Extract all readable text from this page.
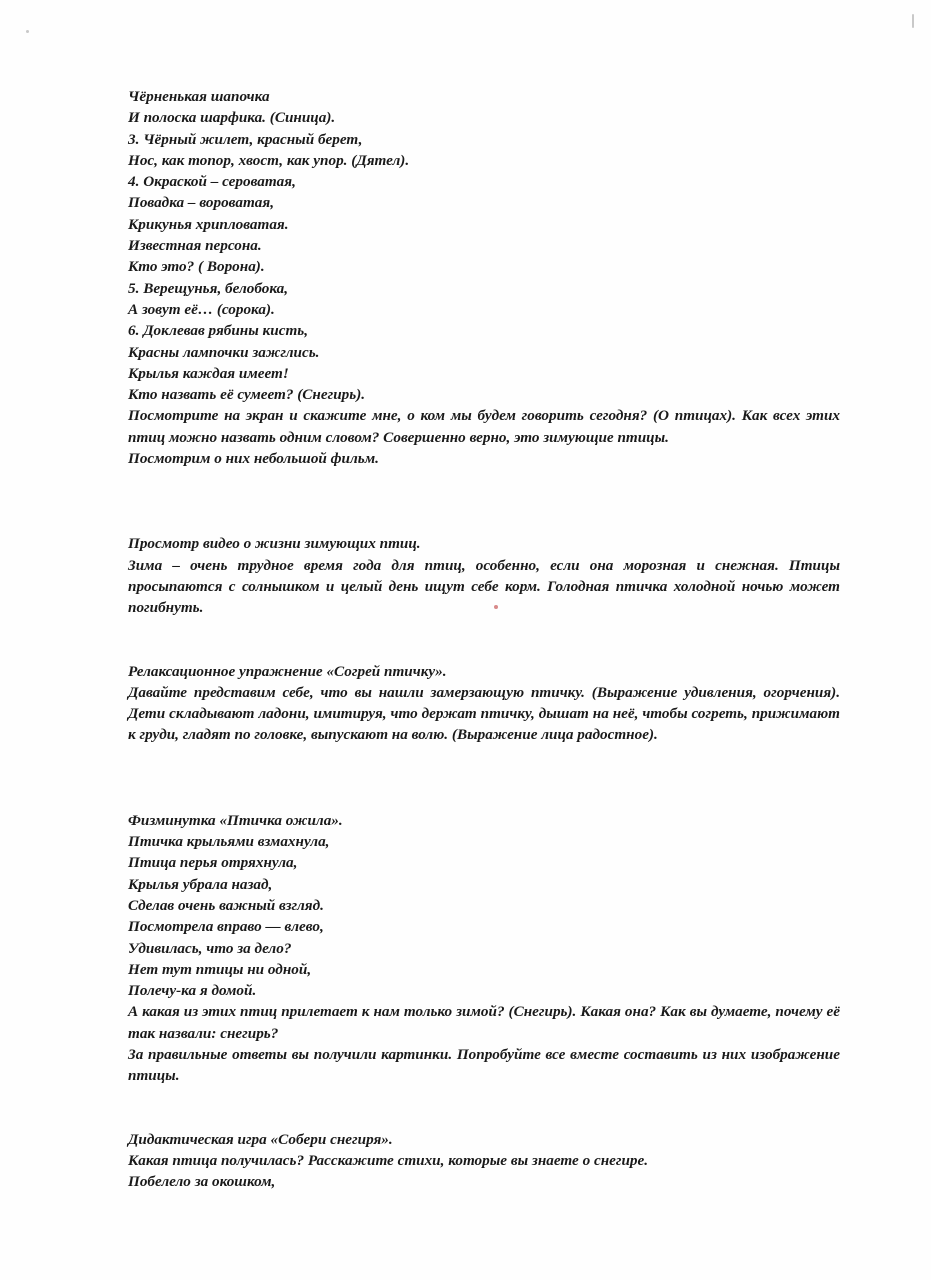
Чёрненькая шапочка
И полоска шарфика. (Синица).
3. Чёрный жилет, красный берет,
Нос, как топор, хвост, как упор. (Дятел).
4. Окраской – сероватая,
Повадка – вороватая,
Крикунья хрипловатая.
Известная персона.
Кто это? ( Ворона).
5. Верещунья, белобока,
А зовут её… (сорока).
6. Доклевав рябины кисть,
Красны лампочки зажглись.
Крылья каждая имеет!
Кто назвать её сумеет? (Снегирь).

Посмотрите на экран и скажите мне, о ком мы будем говорить сегодня? (О птицах). Как всех этих птиц можно назвать одним словом? Совершенно верно, это зимующие птицы.

Посмотрим о них небольшой фильм.
Просмотр видео о жизни зимующих птиц.

Зима – очень трудное время года для птиц, особенно, если она морозная и снежная. Птицы просыпаются с солнышком и целый день ищут себе корм. Голодная птичка холодной ночью может погибнуть.

Релаксационное упражнение «Согрей птичку».

Давайте представим себе, что вы нашли замерзающую птичку. (Выражение удивления, огорчения). Дети складывают ладони, имитируя, что держат птичку, дышат на неё, чтобы согреть, прижимают к груди, гладят по головке, выпускают на волю. (Выражение лица радостное).

Физминутка «Птичка ожила».
Птичка крыльями взмахнула,
Птица перья отряхнула,
Крылья убрала назад,
Сделав очень важный взгляд.
Посмотрела вправо — влево,
Удивилась, что за дело?
Нет тут птицы ни одной,
Полечу-ка я домой.

А какая из этих птиц прилетает к нам только зимой? (Снегирь). Какая она? Как вы думаете, почему её так назвали: снегирь?

За правильные ответы вы получили картинки. Попробуйте все вместе составить из них изображение птицы.

Дидактическая игра «Собери снегиря».

Какая птица получилась? Расскажите стихи, которые вы знаете о снегире.

Побелело за окошком,
